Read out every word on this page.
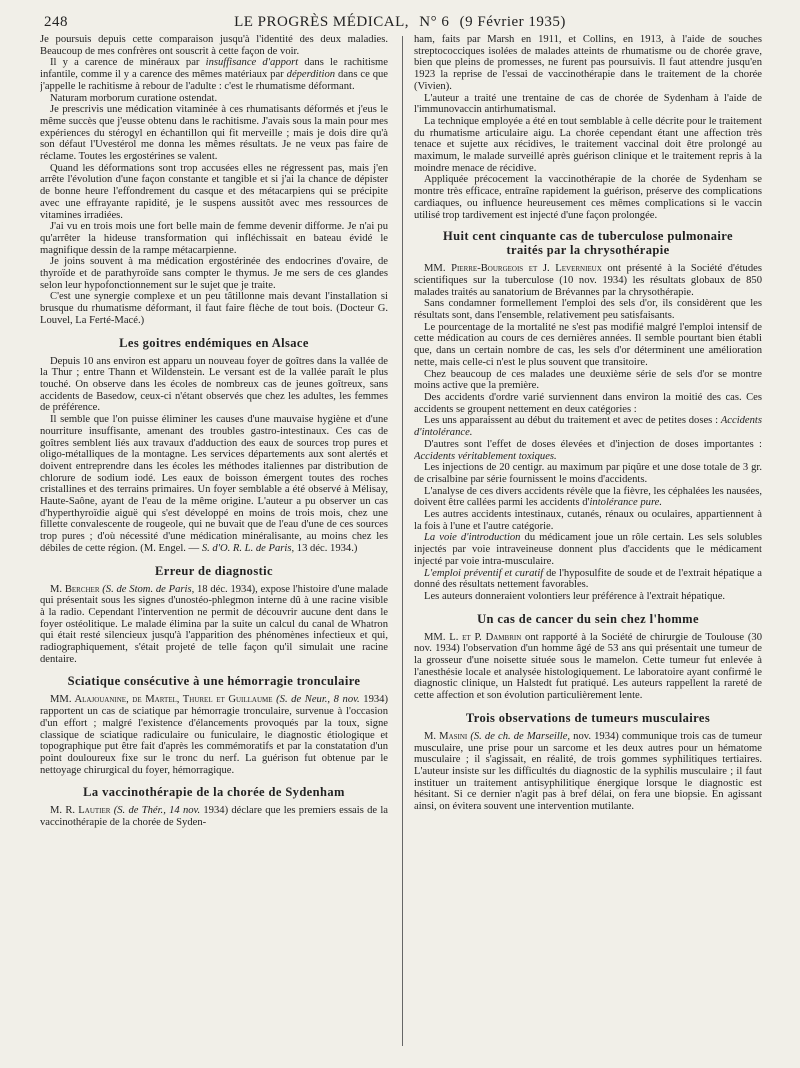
248	LE PROGRÈS MÉDICAL, N° 6 (9 Février 1935)

Je poursuis depuis cette comparaison jusqu'à l'identité des deux maladies. Beaucoup de mes confrères ont souscrit à cette façon de voir.

Il y a carence de minéraux par insuffisance d'apport dans le rachitisme infantile, comme il y a carence des mêmes matériaux par déperdition dans ce que j'appelle le rachitisme à rebour de l'adulte : c'est le rhumatisme déformant.

Naturam morborum curatione ostendat.

Je prescrivis une médication vitaminée à ces rhumatisants déformés et j'eus le même succès que j'eusse obtenu dans le rachitisme. J'avais sous la main pour mes expériences du stérogyl en échantillon qui fit merveille ; mais je dois dire qu'à son défaut l'Uvestérol me donna les mêmes résultats. Je ne veux pas faire de réclame. Toutes les ergostérines se valent.

Quand les déformations sont trop accusées elles ne régressent pas, mais j'en arrête l'évolution d'une façon constante et tangible et si j'ai la chance de dépister de bonne heure l'effondrement du casque et des métacarpiens qui se précipite avec une effrayante rapidité, je le suspens aussitôt avec mes ressources de vitamines irradiées.

J'ai vu en trois mois une fort belle main de femme devenir difforme. Je n'ai pu qu'arrêter la hideuse transformation qui infléchissait en bateau évidé le magnifique dessin de la rampe métacarpienne.

Je joins souvent à ma médication ergostérinée des endocrines d'ovaire, de thyroïde et de parathyroïde sans compter le thymus. Je me sers de ces glandes selon leur hypofonctionnement sur le sujet que je traite.

C'est une synergie complexe et un peu tâtillonne mais devant l'installation si brusque du rhumatisme déformant, il faut faire flèche de tout bois. (Docteur G. Louvel, La Ferté-Macé.)

Les goitres endémiques en Alsace

Depuis 10 ans environ est apparu un nouveau foyer de goîtres dans la vallée de la Thur ; entre Thann et Wildenstein. Le versant est de la vallée paraît le plus touché. On observe dans les écoles de nombreux cas de jeunes goîtreux, sans accidents de Basedow, ceux-ci n'étant observés que chez les adultes, les femmes de préférence.

Il semble que l'on puisse éliminer les causes d'une mauvaise hygiène et d'une nourriture insuffisante, amenant des troubles gastro-intestinaux. Ces cas de goîtres semblent liés aux travaux d'adduction des eaux de sources trop pures et oligo-métalliques de la montagne. Les services départements aux sont alertés et doivent entreprendre dans les écoles les méthodes italiennes par distribution de chlorure de sodium iodé. Les eaux de boisson émergent toutes des roches cristallines et des terrains primaires. Un foyer semblable a été observé à Mélisay, Haute-Saône, ayant de l'eau de la même origine. L'auteur a pu observer un cas d'hyperthyroïdie aiguë qui s'est développé en moins de trois mois, chez une fillette convalescente de rougeole, qui ne buvait que de l'eau d'une de ces sources trop pures ; d'où nécessité d'une médication minéralisante, au moins chez les débiles de cette région. (M. Engel. — S. d'O. R. L. de Paris, 13 déc. 1934.)

Erreur de diagnostic

M. Bercher (S. de Stom. de Paris, 18 déc. 1934), expose l'histoire d'une malade qui présentait sous les signes d'unostéo-phlegmon interne dû à une racine visible à la radio. Cependant l'intervention ne permit de découvrir aucune dent dans le foyer ostéolitique. Le malade élimina par la suite un calcul du canal de Whatron qui était resté silencieux jusqu'à l'apparition des phénomènes infectieux et qui, radiographiquement, s'était projeté de telle façon qu'il simulait une racine dentaire.

Sciatique consécutive à une hémorragie tronculaire

MM. Alajouanine, de Martel, Thurel et Guillaume (S. de Neur., 8 nov. 1934) rapportent un cas de sciatique par hémorragie tronculaire, survenue à l'occasion d'un effort ; malgré l'existence d'élancements provoqués par la toux, signe classique de sciatique radiculaire ou funiculaire, le diagnostic étiologique et topographique put être fait d'après les commémoratifs et par la constatation d'un point douloureux fixe sur le tronc du nerf. La guérison fut obtenue par le nettoyage chirurgical du foyer, hémorragique.

La vaccinothérapie de la chorée de Sydenham

M. R. Lautier (S. de Thér., 14 nov. 1934) déclare que les premiers essais de la vaccinothérapie de la chorée de Syden-

ham, faits par Marsh en 1911, et Collins, en 1913, à l'aide de souches streptococciques isolées de malades atteints de rhumatisme ou de chorée grave, bien que pleins de promesses, ne furent pas poursuivis. Il faut attendre jusqu'en 1923 la reprise de l'essai de vaccinothérapie dans le traitement de la chorée (Vivien).

L'auteur a traité une trentaine de cas de chorée de Sydenham à l'aide de l'immunovaccin antirhumatismal.

La technique employée a été en tout semblable à celle décrite pour le traitement du rhumatisme articulaire aigu. La chorée cependant étant une affection très tenace et sujette aux récidives, le traitement vaccinal doit être prolongé au maximum, le malade surveillé après guérison clinique et le traitement repris à la moindre menace de récidive.

Appliquée précocement la vaccinothérapie de la chorée de Sydenham se montre très efficace, entraîne rapidement la guérison, préserve des complications cardiaques, ou influence heureusement ces mêmes complications si le vaccin utilisé trop tardivement est injecté d'une façon prolongée.

Huit cent cinquante cas de tuberculose pulmonaire
traités par la chrysothérapie

MM. Pierre-Bourgeois et J. Levernieux ont présenté à la Société d'études scientifiques sur la tuberculose (10 nov. 1934) les résultats globaux de 850 malades traités au sanatorium de Brévannes par la chrysothérapie.

Sans condamner formellement l'emploi des sels d'or, ils considèrent que les résultats sont, dans l'ensemble, relativement peu satisfaisants.

Le pourcentage de la mortalité ne s'est pas modifié malgré l'emploi intensif de cette médication au cours de ces dernières années. Il semble pourtant bien établi que, dans un certain nombre de cas, les sels d'or déterminent une amélioration nette, mais celle-ci n'est le plus souvent que transitoire.

Chez beaucoup de ces malades une deuxième série de sels d'or se montre moins active que la première.

Des accidents d'ordre varié surviennent dans environ la moitié des cas. Ces accidents se groupent nettement en deux catégories :

Les uns apparaissent au début du traitement et avec de petites doses : Accidents d'intolérance.

D'autres sont l'effet de doses élevées et d'injection de doses importantes : Accidents véritablement toxiques.

Les injections de 20 centigr. au maximum par piqûre et une dose totale de 3 gr. de crisalbine par série fournissent le moins d'accidents.

L'analyse de ces divers accidents révèle que la fièvre, les céphalées les nausées, doivent être callées parmi les accidents d'intolérance pure.

Les autres accidents intestinaux, cutanés, rénaux ou oculaires, appartiennent à la fois à l'une et l'autre catégorie.

La voie d'introduction du médicament joue un rôle certain. Les sels solubles injectés par voie intraveineuse donnent plus d'accidents que le médicament injecté par voie intra-musculaire.

L'emploi préventif et curatif de l'hyposulfite de soude et de l'extrait hépatique a donné des résultats nettement favorables.

Les auteurs donneraient volontiers leur préférence à l'extrait hépatique.

Un cas de cancer du sein chez l'homme

MM. L. et P. Dambrin ont rapporté à la Société de chirurgie de Toulouse (30 nov. 1934) l'observation d'un homme âgé de 53 ans qui présentait une tumeur de la grosseur d'une noisette située sous le mamelon. Cette tumeur fut enlevée à l'anesthésie locale et analysée histologiquement. Le laboratoire ayant confirmé le diagnostic clinique, un Halstedt fut pratiqué. Les auteurs rappellent la rareté de cette affection et son évolution particulièrement lente.

Trois observations de tumeurs musculaires

M. Masini (S. de ch. de Marseille, nov. 1934) communique trois cas de tumeur musculaire, une prise pour un sarcome et les deux autres pour un hématome musculaire ; il s'agissait, en réalité, de trois gommes syphilitiques tertiaires. L'auteur insiste sur les difficultés du diagnostic de la syphilis musculaire ; il faut instituer un traitement antisyphilitique énergique lorsque le diagnostic est hésitant. Si ce dernier n'agit pas à bref délai, on fera une biopsie. En agissant ainsi, on évitera souvent une intervention mutilante.
